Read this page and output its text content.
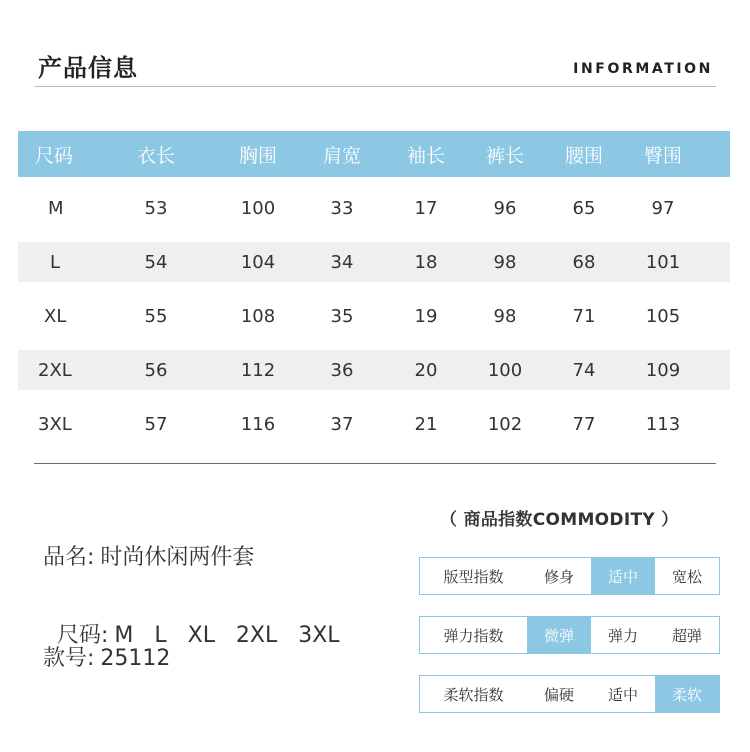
产品信息	INFORMATION
尺码	衣长	胸围	肩宽	袖长	裤长	腰围	臀围
M	53	100	33	17	96	65	97
L	54	104	34	18	98	68	101
XL	55	108	35	19	98	71	105
2XL	56	112	36	20	100	74	109
3XL	57	116	37	21	102	77	113
品名: 时尚休闲两件套

尺码: M   L   XL   2XL   3XL

款号: 25112
（ 商品指数COMMODITY ）
版型指数	修身	适中	宽松
弹力指数	微弹	弹力	超弹
柔软指数	偏硬	适中	柔软
